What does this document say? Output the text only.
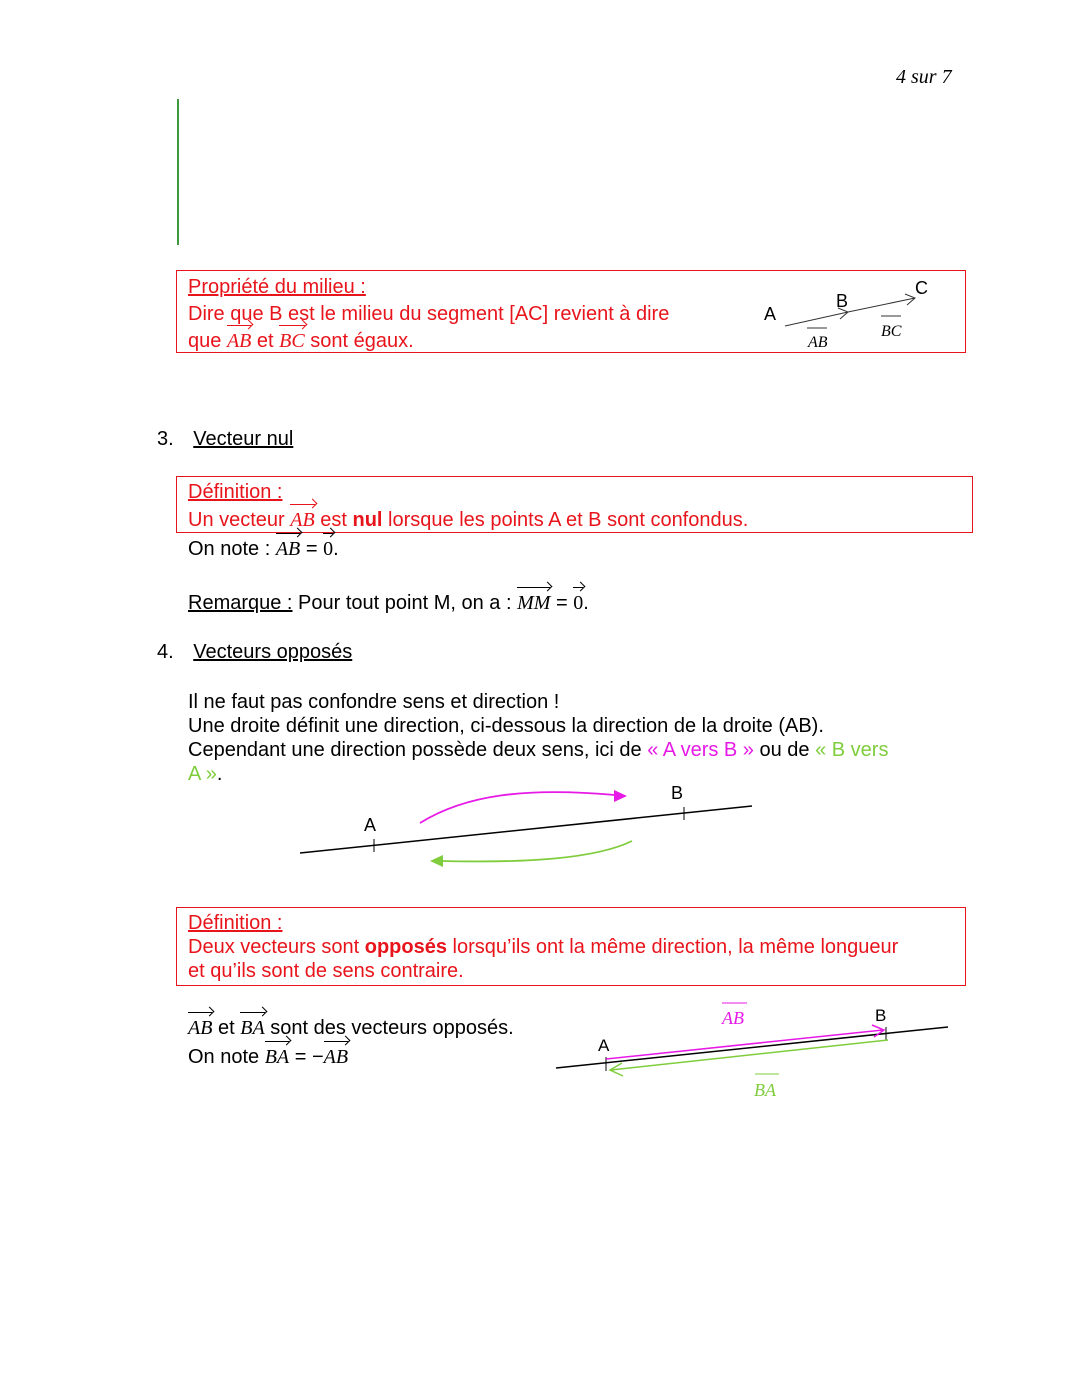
4 sur 7
Propriété du milieu :
Dire que B est le milieu du segment [AC] revient à dire
que
AB et
BC sont égaux.
A
B
C
AB
BC
3. Vecteur nul
Définition :
Un vecteur
AB est nul lorsque les points A et B sont confondus.
On note :
AB =
0.
Remarque : Pour tout point M, on a :
MM =
0.
4. Vecteurs opposés
Il ne faut pas confondre sens et direction !
Une droite définit une direction, ci-dessous la direction de la droite (AB).
Cependant une direction possède deux sens, ici de « A vers B » ou de « B vers
A ».
A
B
Définition :
Deux vecteurs sont opposés lorsqu’ils ont la même direction, la même longueur
et qu’ils sont de sens contraire.
AB et
BA sont des vecteurs opposés.
On note
BA = −
AB
A
B
AB
BA
